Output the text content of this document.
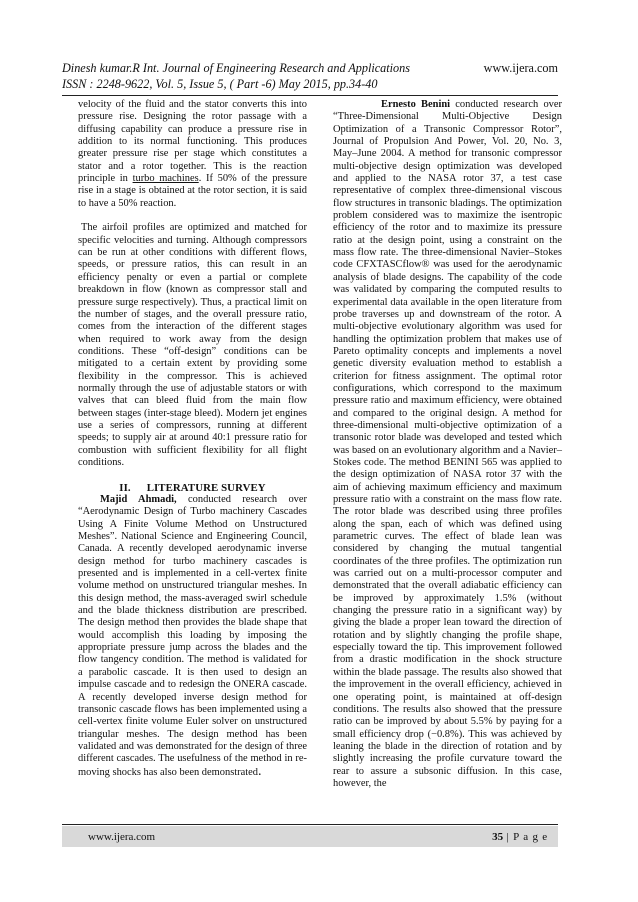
Dinesh kumar.R Int. Journal of Engineering Research and Applications	www.ijera.com
ISSN : 2248-9622, Vol. 5, Issue 5, ( Part -6) May 2015, pp.34-40

velocity of the fluid and the stator converts this into pressure rise. Designing the rotor passage with a diffusing capability can produce a pressure rise in addition to its normal functioning. This produces greater pressure rise per stage which constitutes a stator and a rotor together. This is the reaction principle in turbo machines. If 50% of the pressure rise in a stage is obtained at the rotor section, it is said to have a 50% reaction.

The airfoil profiles are optimized and matched for specific velocities and turning. Although compressors can be run at other conditions with different flows, speeds, or pressure ratios, this can result in an efficiency penalty or even a partial or complete breakdown in flow (known as compressor stall and pressure surge respectively). Thus, a practical limit on the number of stages, and the overall pressure ratio, comes from the interaction of the different stages when required to work away from the design conditions. These “off-design” conditions can be mitigated to a certain extent by providing some flexibility in the compressor. This is achieved normally through the use of adjustable stators or with valves that can bleed fluid from the main flow between stages (inter-stage bleed). Modern jet engines use a series of compressors, running at different speeds; to supply air at around 40:1 pressure ratio for combustion with sufficient flexibility for all flight conditions.

II. LITERATURE SURVEY

Majid Ahmadi, conducted research over “Aerodynamic Design of Turbo machinery Cascades Using A Finite Volume Method on Unstructured Meshes”. National Science and Engineering Council, Canada. A recently developed aerodynamic inverse design method for turbo machinery cascades is presented and is implemented in a cell-vertex finite volume method on unstructured triangular meshes. In this design method, the mass-averaged swirl schedule and the blade thickness distribution are prescribed. The design method then provides the blade shape that would accomplish this loading by imposing the appropriate pressure jump across the blades and the flow tangency condition. The method is validated for a parabolic cascade. It is then used to design an impulse cascade and to redesign the ONERA cascade. A recently developed inverse design method for transonic cascade flows has been implemented using a cell-vertex finite volume Euler solver on unstructured triangular meshes. The design method has been validated and was demonstrated for the design of three different cascades. The usefulness of the method in re-moving shocks has also been demonstrated.

Ernesto Benini conducted research over “Three-Dimensional Multi-Objective Design Optimization of a Transonic Compressor Rotor”, Journal of Propulsion And Power, Vol. 20, No. 3, May–June 2004. A method for transonic compressor multi-objective design optimization was developed and applied to the NASA rotor 37, a test case representative of complex three-dimensional viscous flow structures in transonic bladings. The optimization problem considered was to maximize the isentropic efficiency of the rotor and to maximize its pressure ratio at the design point, using a constraint on the mass flow rate. The three-dimensional Navier–Stokes code CFXTASCflow® was used for the aerodynamic analysis of blade designs. The capability of the code was validated by comparing the computed results to experimental data available in the open literature from probe traverses up and downstream of the rotor. A multi-objective evolutionary algorithm was used for handling the optimization problem that makes use of Pareto optimality concepts and implements a novel genetic diversity evaluation method to establish a criterion for fitness assignment. The optimal rotor configurations, which correspond to the maximum pressure ratio and maximum efficiency, were obtained and compared to the original design. A method for three-dimensional multi-objective optimization of a transonic rotor blade was developed and tested which was based on an evolutionary algorithm and a Navier–Stokes code. The method BENINI 565 was applied to the design optimization of NASA rotor 37 with the aim of achieving maximum efficiency and maximum pressure ratio with a constraint on the mass flow rate. The rotor blade was described using three profiles along the span, each of which was defined using parametric curves. The effect of blade lean was considered by changing the mutual tangential coordinates of the three profiles. The optimization run was carried out on a multi-processor computer and demonstrated that the overall adiabatic efficiency can be improved by approximately 1.5% (without changing the pressure ratio in a significant way) by giving the blade a proper lean toward the direction of rotation and by slightly changing the profile shape, especially toward the tip. This improvement followed from a drastic modification in the shock structure within the blade passage. The results also showed that the improvement in the overall efficiency, achieved in one operating point, is maintained at off-design conditions. The results also showed that the pressure ratio can be improved by about 5.5% by paying for a small efficiency drop (−0.8%). This was achieved by leaning the blade in the direction of rotation and by slightly increasing the profile curvature toward the rear to assure a subsonic diffusion. In this case, however, the

www.ijera.com	35 | P a g e
